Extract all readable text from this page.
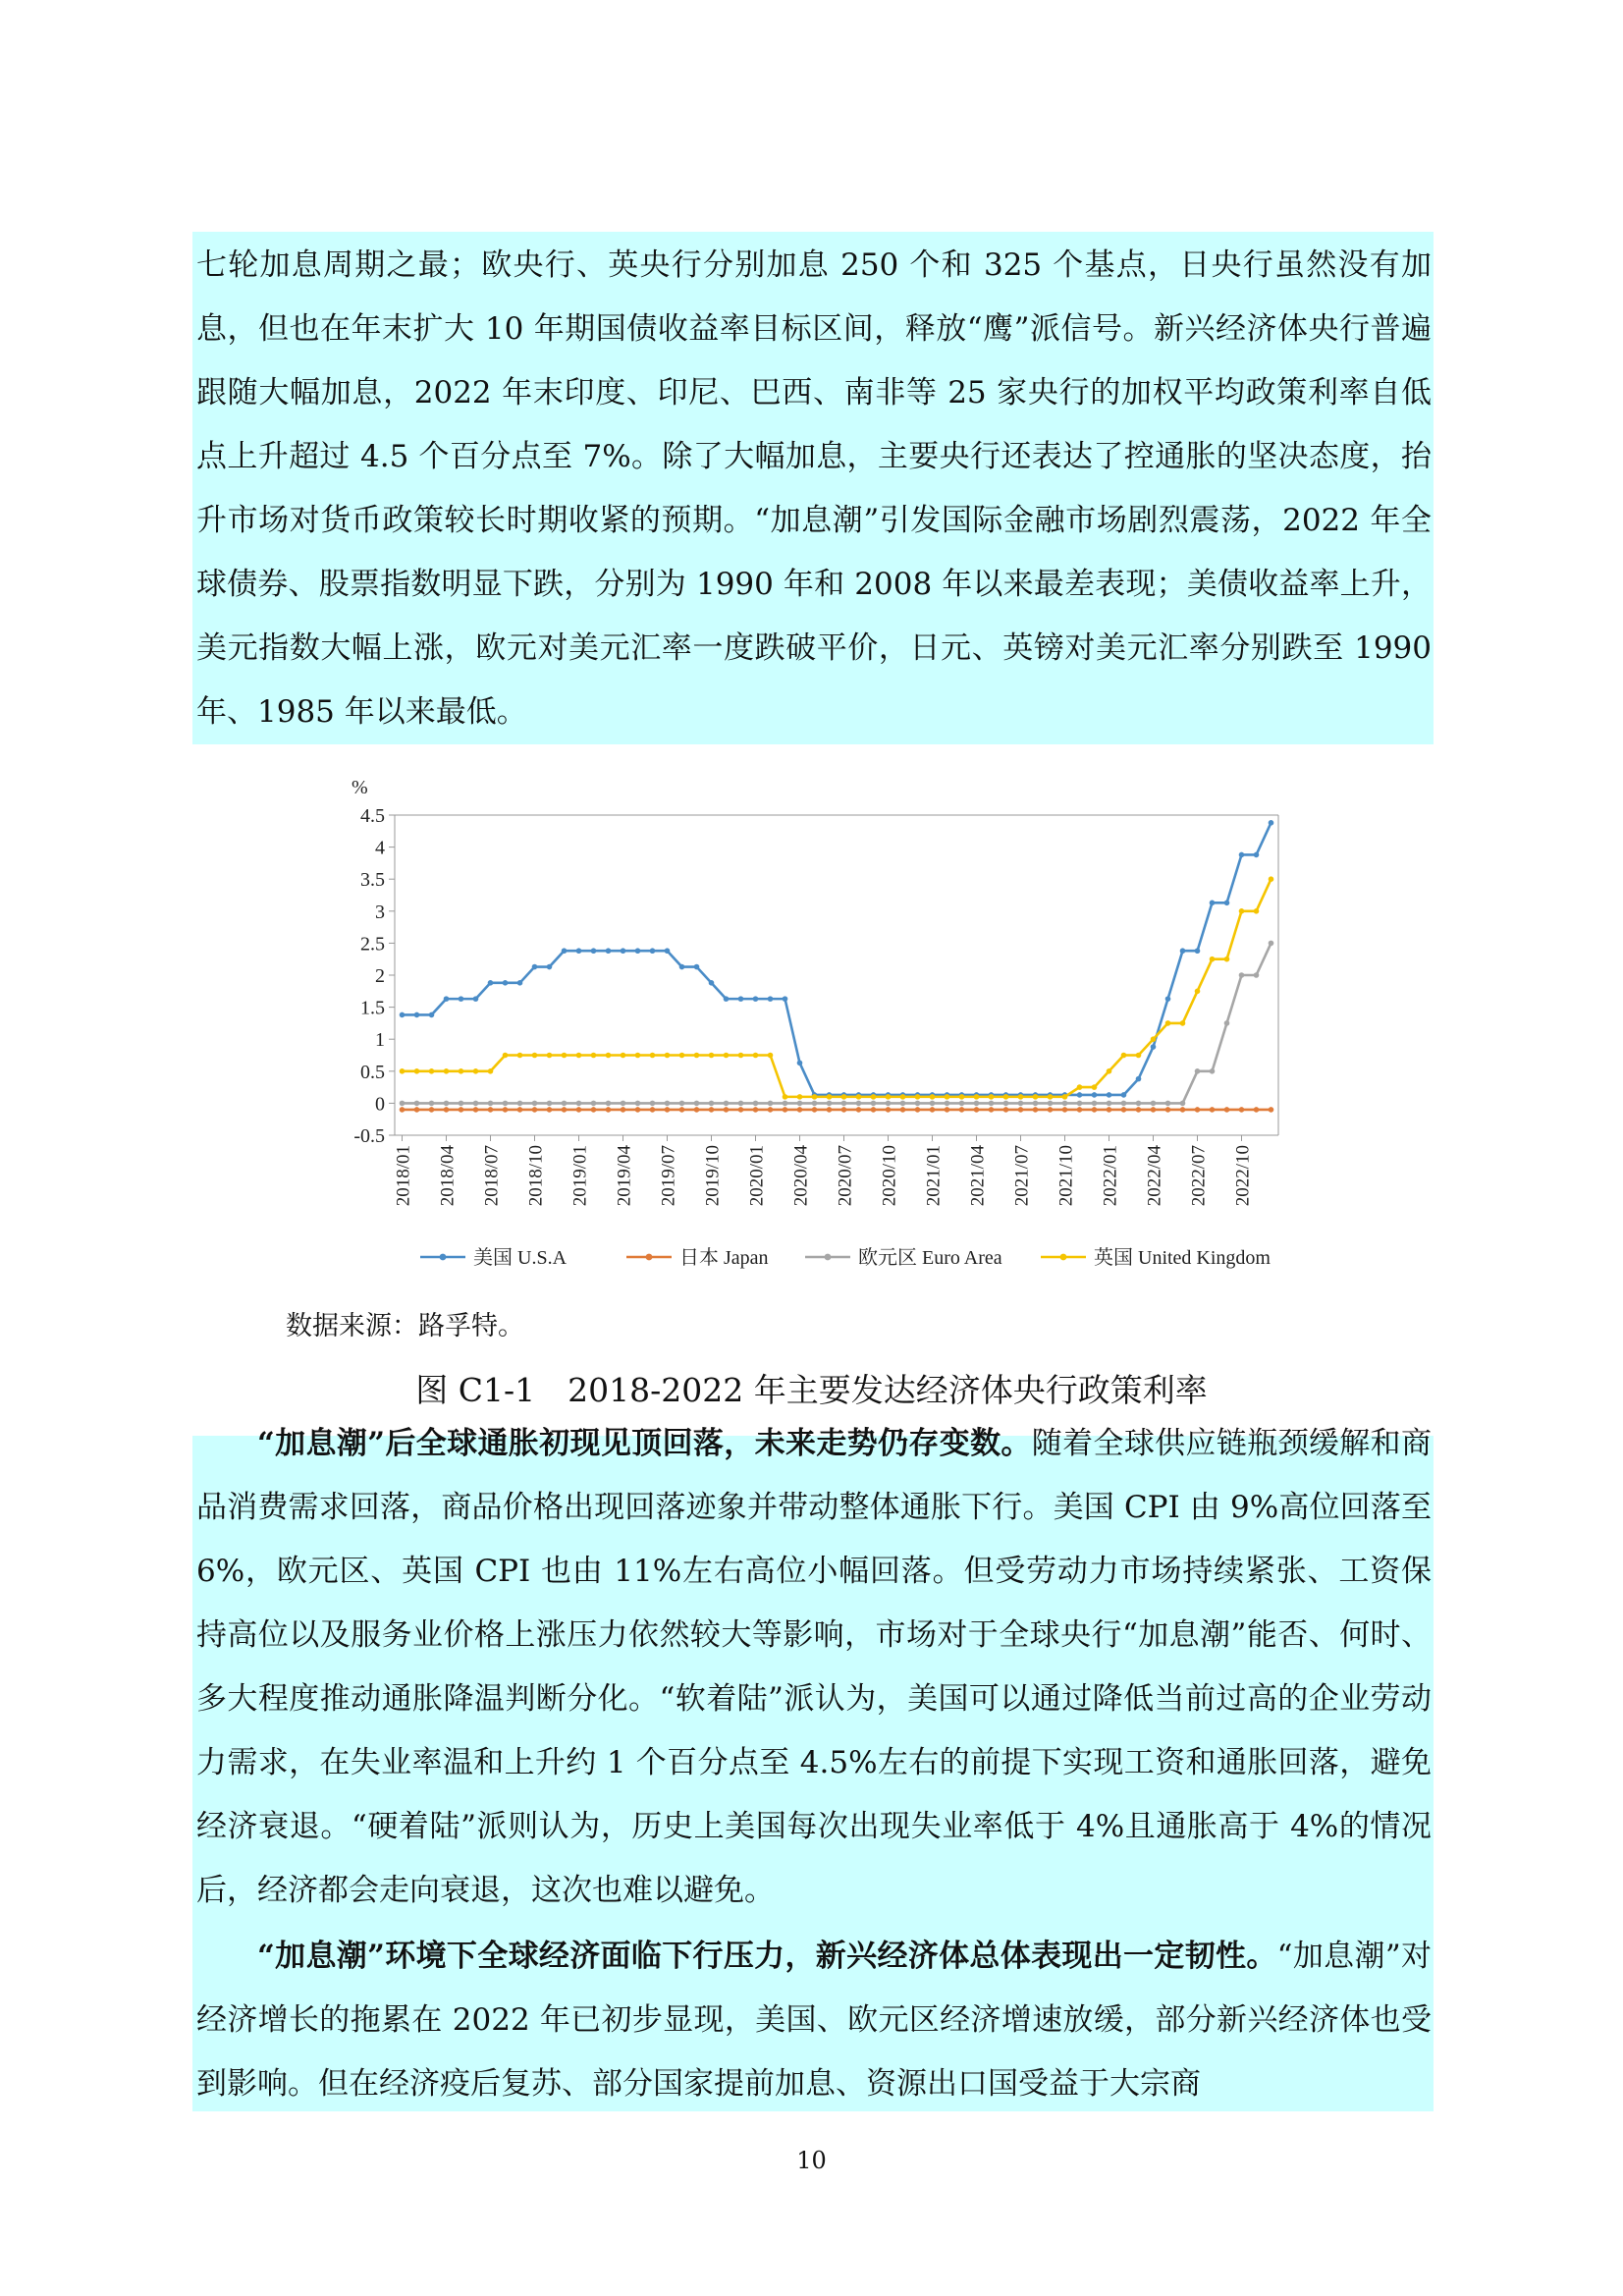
七轮加息周期之最；欧央行、英央行分别加息 250 个和 325 个基点，日央行虽然没有加息，但也在年末扩大 10 年期国债收益率目标区间，释放“鹰”派信号。新兴经济体央行普遍跟随大幅加息，2022 年末印度、印尼、巴西、南非等 25 家央行的加权平均政策利率自低点上升超过 4.5 个百分点至 7%。除了大幅加息，主要央行还表达了控通胀的坚决态度，抬升市场对货币政策较长时期收紧的预期。“加息潮”引发国际金融市场剧烈震荡，2022 年全球债券、股票指数明显下跌，分别为 1990 年和 2008 年以来最差表现；美债收益率上升，美元指数大幅上涨，欧元对美元汇率一度跌破平价，日元、英镑对美元汇率分别跌至 1990 年、1985 年以来最低。

%
4.5
4
3.5
3
2.5
2
1.5
1
0.5
0
-0.5
2018/01 2018/04 2018/07 2018/10 2019/01 2019/04 2019/07 2019/10 2020/01 2020/04 2020/07 2020/10 2021/01 2021/04 2021/07 2021/10 2022/01 2022/04 2022/07 2022/10
美国 U.S.A	日本 Japan	欧元区 Euro Area	英国 United Kingdom
数据来源：路孚特。
图 C1-1　2018-2022 年主要发达经济体央行政策利率

“加息潮”后全球通胀初现见顶回落，未来走势仍存变数。随着全球供应链瓶颈缓解和商品消费需求回落，商品价格出现回落迹象并带动整体通胀下行。美国 CPI 由 9%高位回落至 6%，欧元区、英国 CPI 也由 11%左右高位小幅回落。但受劳动力市场持续紧张、工资保持高位以及服务业价格上涨压力依然较大等影响，市场对于全球央行“加息潮”能否、何时、多大程度推动通胀降温判断分化。“软着陆”派认为，美国可以通过降低当前过高的企业劳动力需求，在失业率温和上升约 1 个百分点至 4.5%左右的前提下实现工资和通胀回落，避免经济衰退。“硬着陆”派则认为，历史上美国每次出现失业率低于 4%且通胀高于 4%的情况后，经济都会走向衰退，这次也难以避免。

“加息潮”环境下全球经济面临下行压力，新兴经济体总体表现出一定韧性。“加息潮”对经济增长的拖累在 2022 年已初步显现，美国、欧元区经济增速放缓，部分新兴经济体也受到影响。但在经济疫后复苏、部分国家提前加息、资源出口国受益于大宗商

10
